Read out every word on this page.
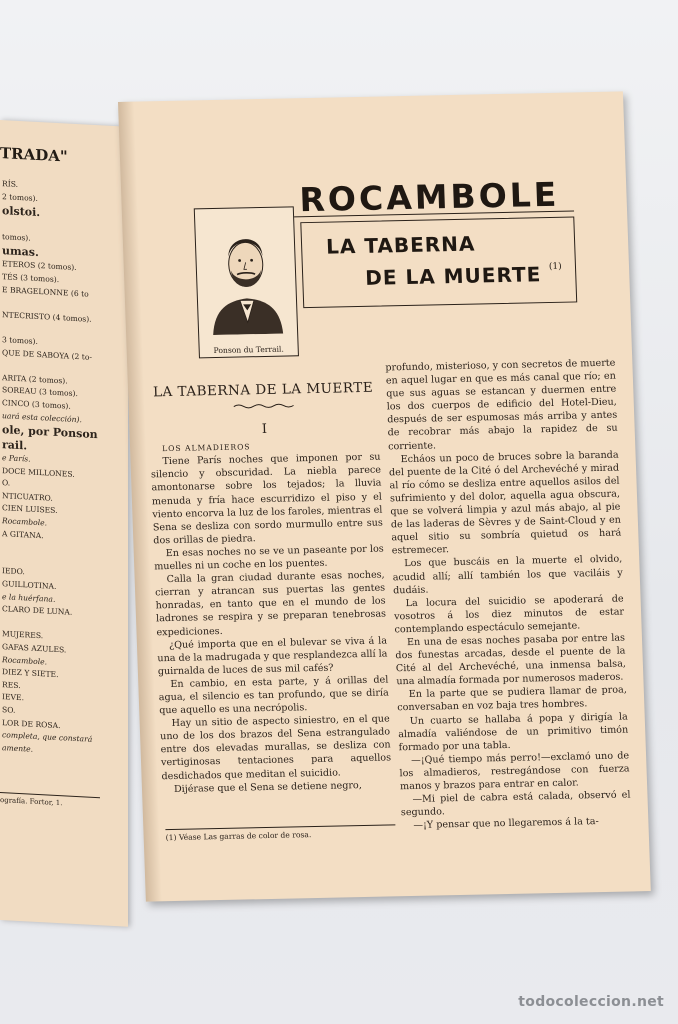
TRADA"
RÍS.
2 tomos).
olstoi.

tomos).
umas.
ETEROS (2 tomos).
TÉS (3 tomos).
E BRAGELONNE (6 to

NTECRISTO (4 tomos).

3 tomos).
QUE DE SABOYA (2 to-

ARITA (2 tomos).
SOREAU (3 tomos).
CINCO (3 tomos).
uará esta colección).
ole, por Ponson
rail.
e París.
DOCE MILLONES.
O.
NTICUATRO.
CIEN LUISES.
Rocambole.
A GITANA.

IEDO.
GUILLOTINA.
e la huérfana.
CLARO DE LUNA.

MUJERES.
GAFAS AZULES.
Rocambole.
DIEZ Y SIETE.
RES.
IEVE.
SO.
LOR DE ROSA.
completa, que constará
amente.
ografía. Fortor, 1.
Ponson du Terrail.
ROCAMBOLE
LA TABERNA
DE LA MUERTE (1)
LA TABERNA DE LA MUERTE
I

LOS ALMADIEROS

Tiene París noches que imponen por su silencio y obscuridad. La niebla parece amontonarse sobre los tejados; la lluvia menuda y fría hace escurridizo el piso y el viento encorva la luz de los faroles, mientras el Sena se desliza con sordo murmullo entre sus dos orillas de piedra.

En esas noches no se ve un paseante por los muelles ni un coche en los puentes.

Calla la gran ciudad durante esas noches, cierran y atrancan sus puertas las gentes honradas, en tanto que en el mundo de los ladrones se respira y se preparan tenebrosas expediciones.

¿Qué importa que en el bulevar se viva á la una de la madrugada y que resplandezca allí la guirnalda de luces de sus mil cafés?

En cambio, en esta parte, y á orillas del agua, el silencio es tan profundo, que se diría que aquello es una necrópolis.

Hay un sitio de aspecto siniestro, en el que uno de los dos brazos del Sena estrangulado entre dos elevadas murallas, se desliza con vertiginosas tentaciones para aquellos desdichados que meditan el suicidio.

Dijérase que el Sena se detiene negro,

profundo, misterioso, y con secretos de muerte en aquel lugar en que es más canal que río; en que sus aguas se estancan y duermen entre los dos cuerpos de edificio del Hotel-Dieu, después de ser espumosas más arriba y antes de recobrar más abajo la rapidez de su corriente.

Echáos un poco de bruces sobre la baranda del puente de la Cité ó del Archevéché y mirad al río cómo se desliza entre aquellos asilos del sufrimiento y del dolor, aquella agua obscura, que se volverá limpia y azul más abajo, al pie de las laderas de Sèvres y de Saint-Cloud y en aquel sitio su sombría quietud os hará estremecer.

Los que buscáis en la muerte el olvido, acudid allí; allí también los que vaciláis y dudáis.

La locura del suicidio se apoderará de vosotros á los diez minutos de estar contemplando espectáculo semejante.

En una de esas noches pasaba por entre las dos funestas arcadas, desde el puente de la Cité al del Archevéché, una inmensa balsa, una almadía formada por numerosos maderos.

En la parte que se pudiera llamar de proa, conversaban en voz baja tres hombres.

Un cuarto se hallaba á popa y dirigía la almadía valiéndose de un primitivo timón formado por una tabla.

—¡Qué tiempo más perro!—exclamó uno de los almadieros, restregándose con fuerza manos y brazos para entrar en calor.

—Mi piel de cabra está calada, observó el segundo.

—¡Y pensar que no llegaremos á la ta-

(1) Véase Las garras de color de rosa.
todocoleccion.net
